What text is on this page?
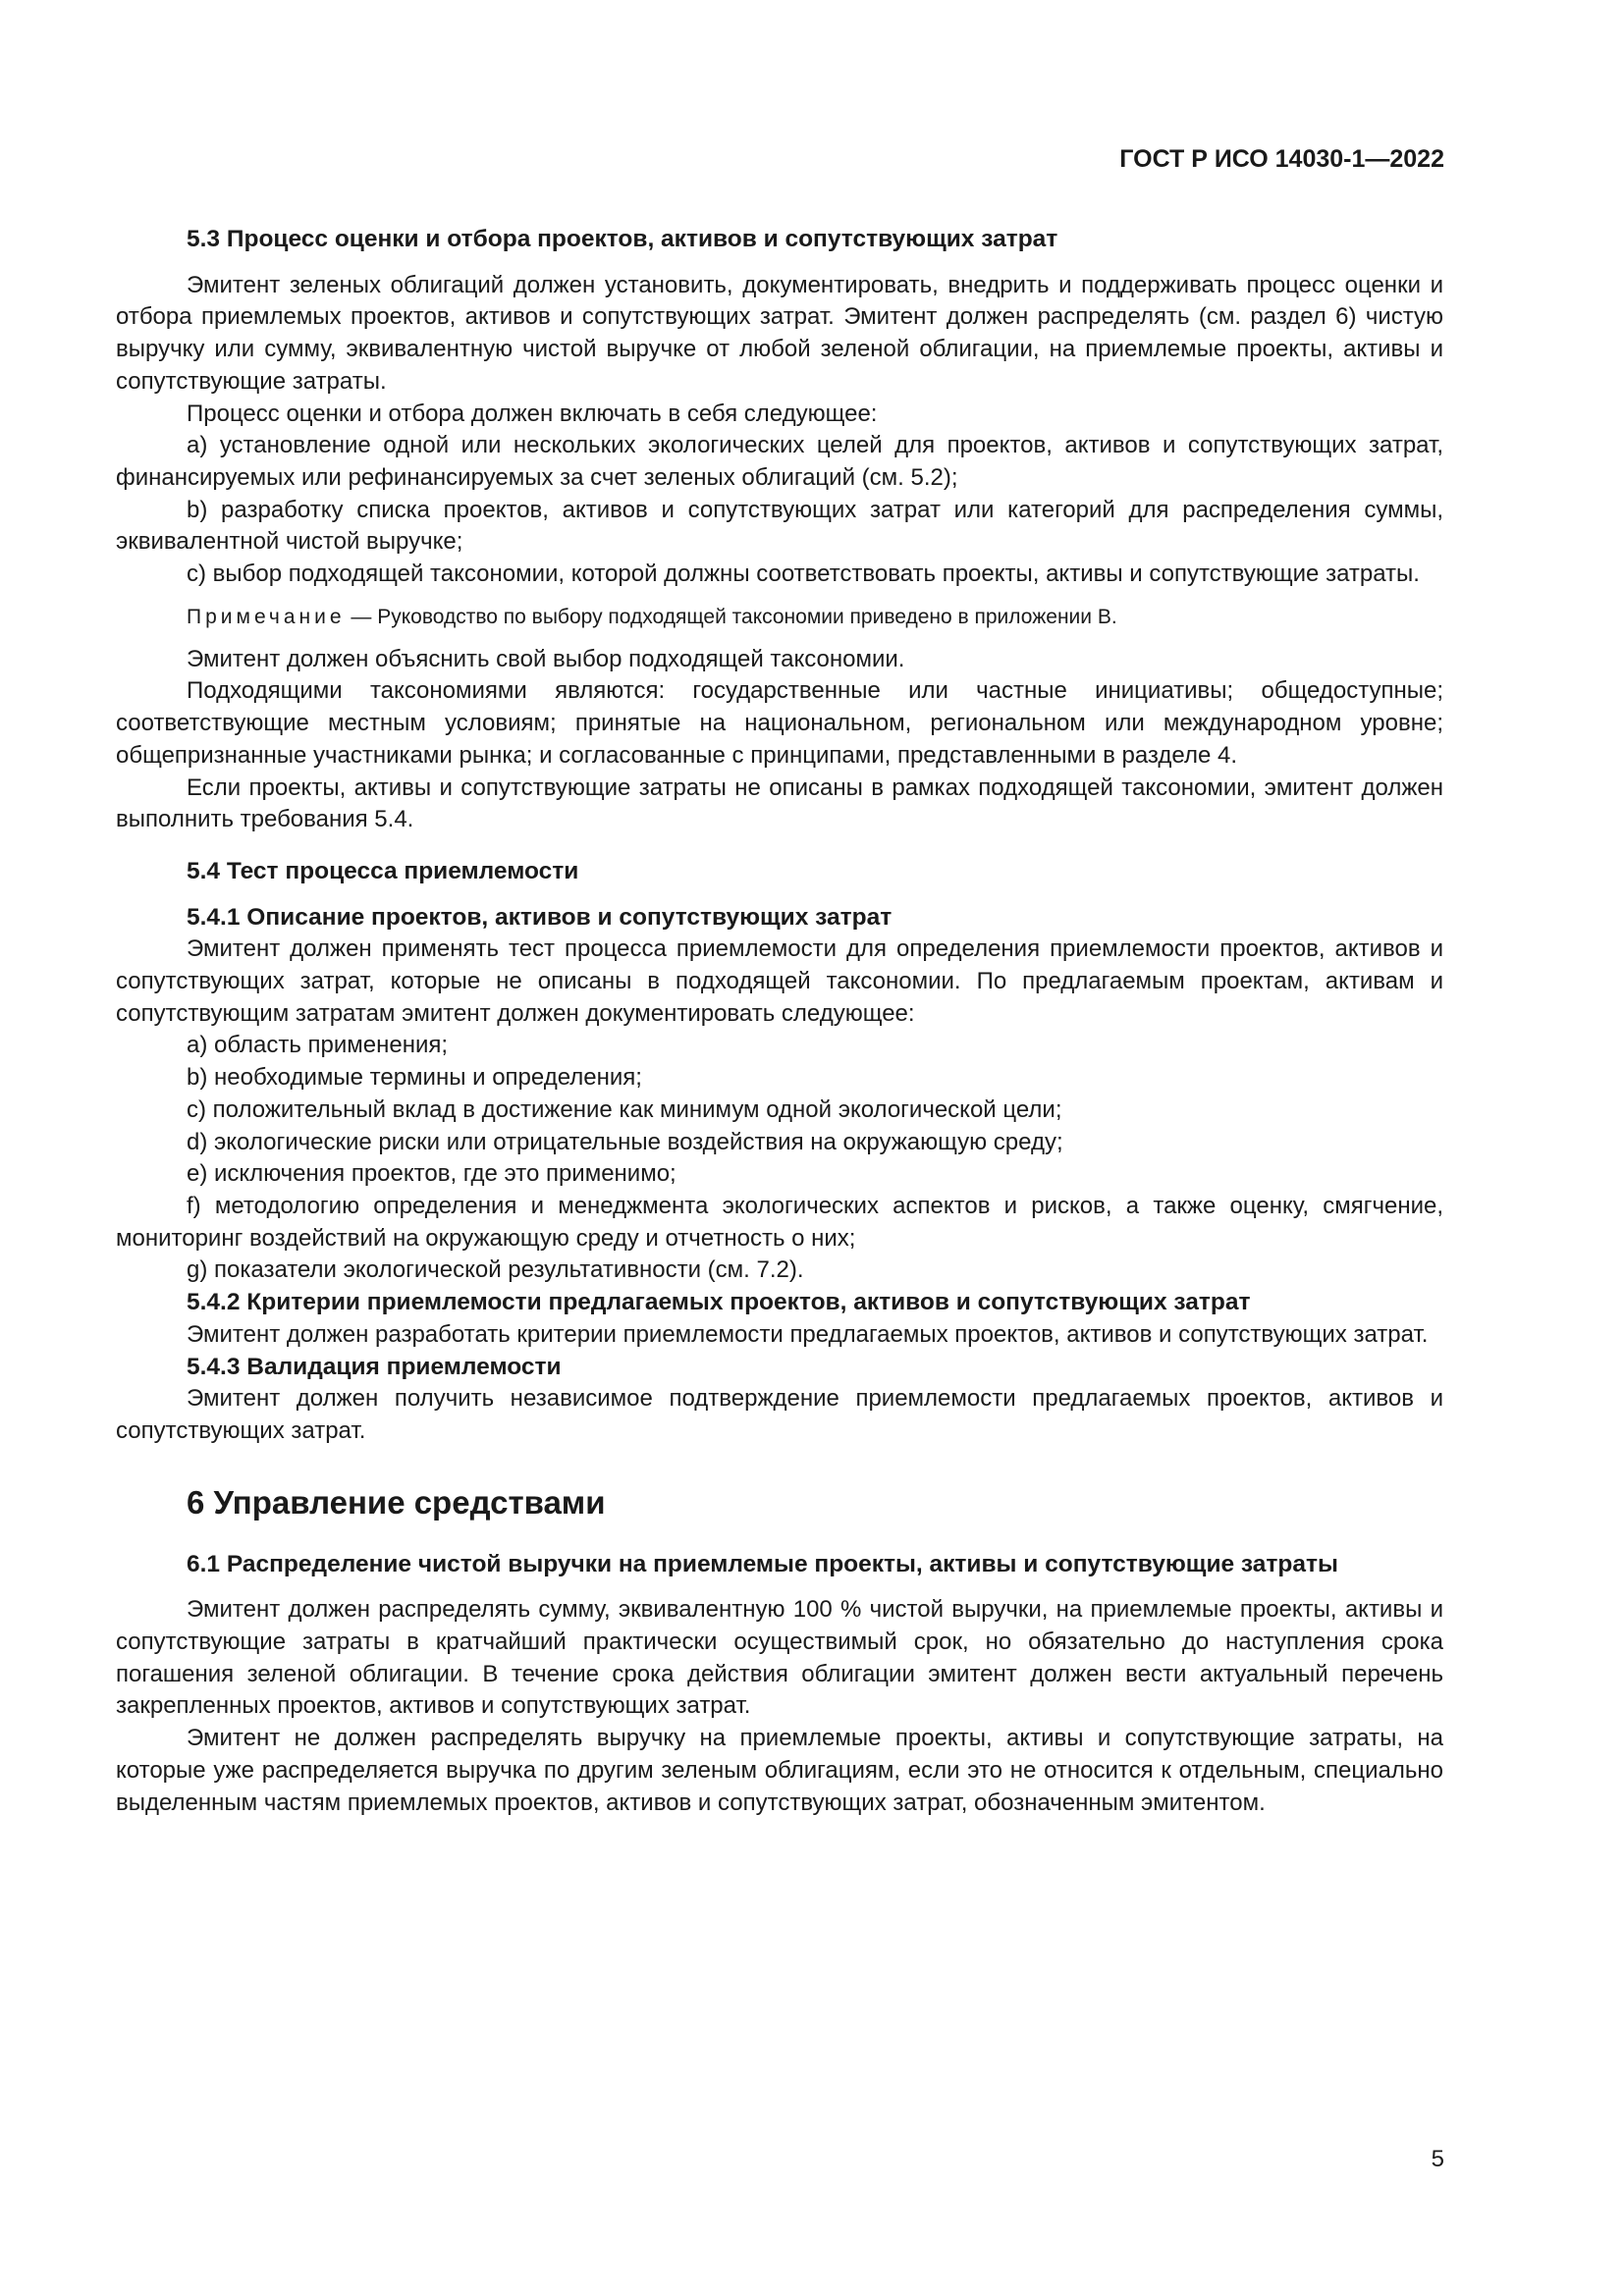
ГОСТ Р ИСО 14030-1—2022

5.3 Процесс оценки и отбора проектов, активов и сопутствующих затрат

Эмитент зеленых облигаций должен установить, документировать, внедрить и поддерживать процесс оценки и отбора приемлемых проектов, активов и сопутствующих затрат. Эмитент должен распределять (см. раздел 6) чистую выручку или сумму, эквивалентную чистой выручке от любой зеленой облигации, на приемлемые проекты, активы и сопутствующие затраты.

Процесс оценки и отбора должен включать в себя следующее:

a) установление одной или нескольких экологических целей для проектов, активов и сопутствующих затрат, финансируемых или рефинансируемых за счет зеленых облигаций (см. 5.2);

b) разработку списка проектов, активов и сопутствующих затрат или категорий для распределения суммы, эквивалентной чистой выручке;

c) выбор подходящей таксономии, которой должны соответствовать проекты, активы и сопутствующие затраты.

Примечание — Руководство по выбору подходящей таксономии приведено в приложении В.

Эмитент должен объяснить свой выбор подходящей таксономии.

Подходящими таксономиями являются: государственные или частные инициативы; общедоступные; соответствующие местным условиям; принятые на национальном, региональном или международном уровне; общепризнанные участниками рынка; и согласованные с принципами, представленными в разделе 4.

Если проекты, активы и сопутствующие затраты не описаны в рамках подходящей таксономии, эмитент должен выполнить требования 5.4.

5.4 Тест процесса приемлемости

5.4.1 Описание проектов, активов и сопутствующих затрат

Эмитент должен применять тест процесса приемлемости для определения приемлемости проектов, активов и сопутствующих затрат, которые не описаны в подходящей таксономии. По предлагаемым проектам, активам и сопутствующим затратам эмитент должен документировать следующее:

a) область применения;

b) необходимые термины и определения;

c) положительный вклад в достижение как минимум одной экологической цели;

d) экологические риски или отрицательные воздействия на окружающую среду;

e) исключения проектов, где это применимо;

f) методологию определения и менеджмента экологических аспектов и рисков, а также оценку, смягчение, мониторинг воздействий на окружающую среду и отчетность о них;

g) показатели экологической результативности (см. 7.2).

5.4.2 Критерии приемлемости предлагаемых проектов, активов и сопутствующих затрат

Эмитент должен разработать критерии приемлемости предлагаемых проектов, активов и сопутствующих затрат.

5.4.3 Валидация приемлемости

Эмитент должен получить независимое подтверждение приемлемости предлагаемых проектов, активов и сопутствующих затрат.

6 Управление средствами

6.1 Распределение чистой выручки на приемлемые проекты, активы и сопутствующие затраты

Эмитент должен распределять сумму, эквивалентную 100 % чистой выручки, на приемлемые проекты, активы и сопутствующие затраты в кратчайший практически осуществимый срок, но обязательно до наступления срока погашения зеленой облигации. В течение срока действия облигации эмитент должен вести актуальный перечень закрепленных проектов, активов и сопутствующих затрат.

Эмитент не должен распределять выручку на приемлемые проекты, активы и сопутствующие затраты, на которые уже распределяется выручка по другим зеленым облигациям, если это не относится к отдельным, специально выделенным частям приемлемых проектов, активов и сопутствующих затрат, обозначенным эмитентом.

5
